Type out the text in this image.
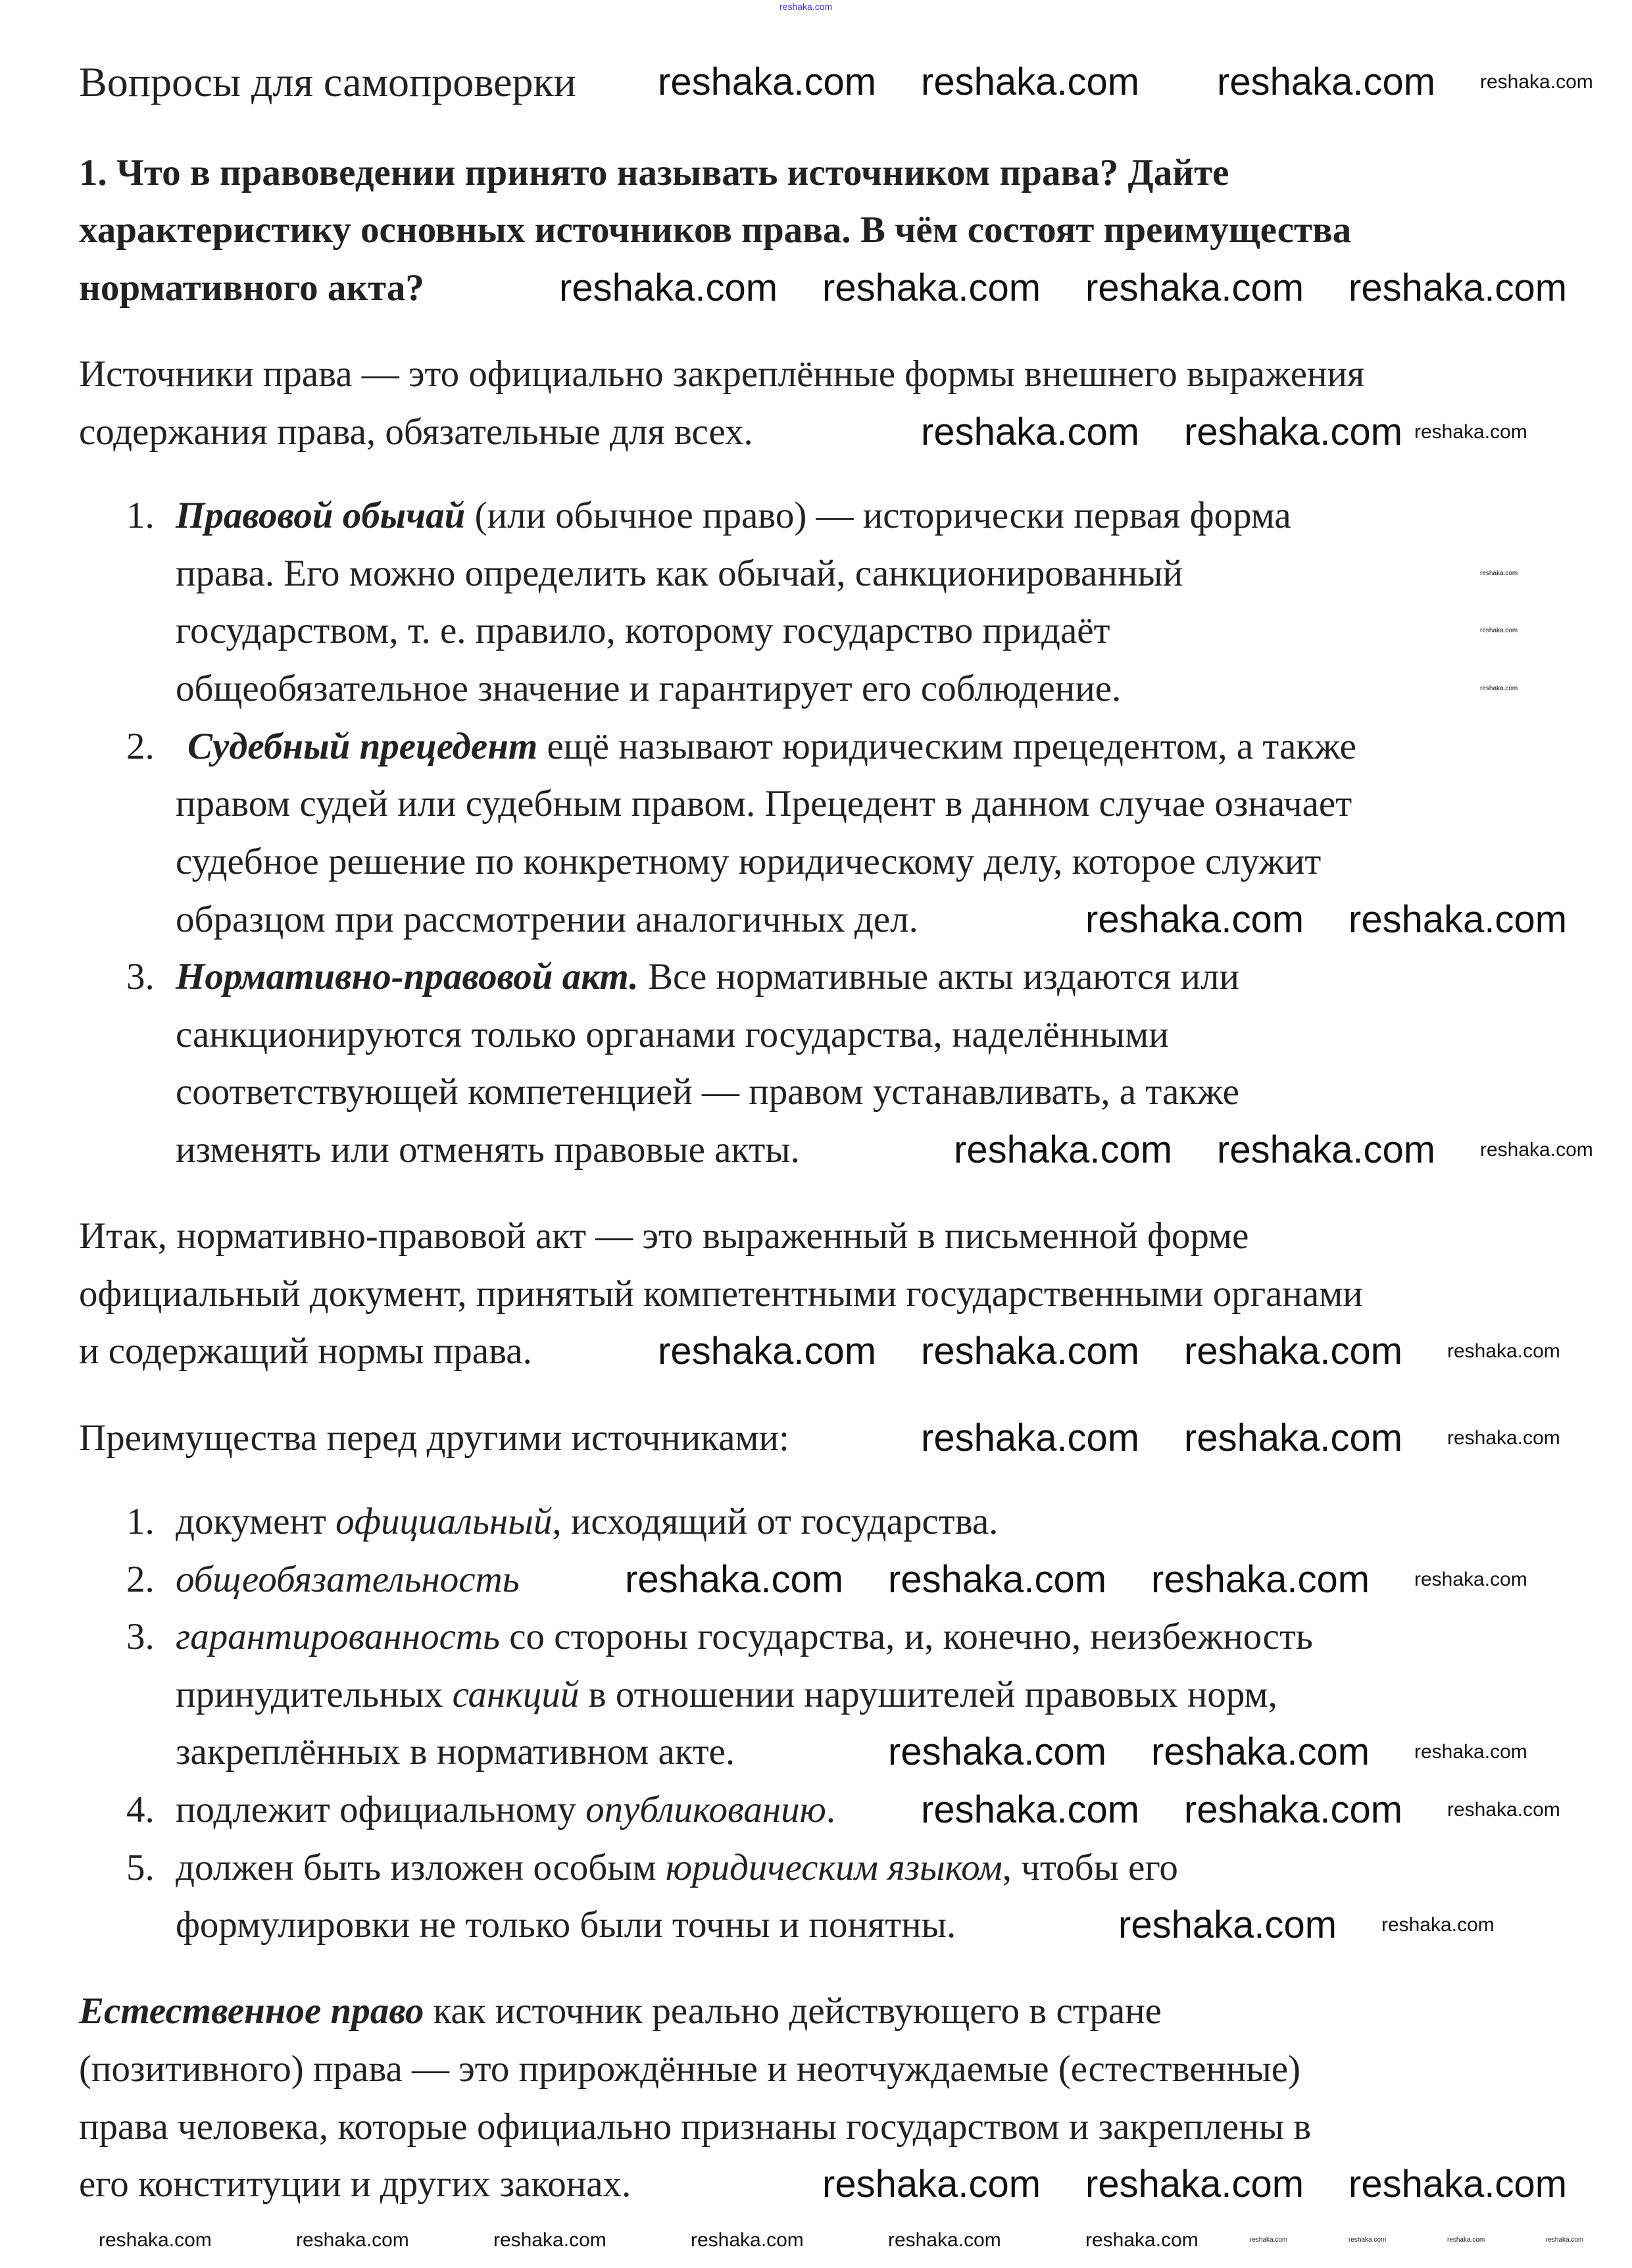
reshaka.com
Вопросы для самопроверки
1. Что в правоведении принято называть источником права? Дайте
характеристику основных источников права. В чём состоят преимущества
нормативного акта?
Источники права — это официально закреплённые формы внешнего выражения
содержания права, обязательные для всех.
1. Правовой обычай (или обычное право) — исторически первая форма
права. Его можно определить как обычай, санкционированный
государством, т. е. правило, которому государство придаёт
общеобязательное значение и гарантирует его соблюдение.
2. Судебный прецедент ещё называют юридическим прецедентом, а также
правом судей или судебным правом. Прецедент в данном случае означает
судебное решение по конкретному юридическому делу, которое служит
образцом при рассмотрении аналогичных дел.
3. Нормативно-правовой акт. Все нормативные акты издаются или
санкционируются только органами государства, наделёнными
соответствующей компетенцией — правом устанавливать, а также
изменять или отменять правовые акты.
Итак, нормативно-правовой акт — это выраженный в письменной форме
официальный документ, принятый компетентными государственными органами
и содержащий нормы права.
Преимущества перед другими источниками:
1. документ официальный, исходящий от государства.
2. общеобязательность
3. гарантированность со стороны государства, и, конечно, неизбежность
принудительных санкций в отношении нарушителей правовых норм,
закреплённых в нормативном акте.
4. подлежит официальному опубликованию.
5. должен быть изложен особым юридическим языком, чтобы его
формулировки не только были точны и понятны.
Естественное право как источник реально действующего в стране
(позитивного) права — это прирождённые и неотчуждаемые (естественные)
права человека, которые официально признаны государством и закреплены в
его конституции и других законах.
reshaka.com reshaka.com reshaka.com
reshaka.com reshaka.com reshaka.com reshaka.com
reshaka.com reshaka.com
reshaka.com reshaka.com
reshaka.com reshaka.com
reshaka.com reshaka.com reshaka.com
reshaka.com reshaka.com
reshaka.com reshaka.com reshaka.com
reshaka.com reshaka.com
reshaka.com reshaka.com
reshaka.com
reshaka.com reshaka.com reshaka.com
reshaka.com
reshaka.com
reshaka.com
reshaka.com
reshaka.com
reshaka.com
reshaka.com
reshaka.com
reshaka.com
reshaka.com	reshaka.com	reshaka.com	reshaka.com	reshaka.com	reshaka.com
reshaka.com
reshaka.com
reshaka.com
reshaka.com	reshaka.com	reshaka.com	reshaka.com
